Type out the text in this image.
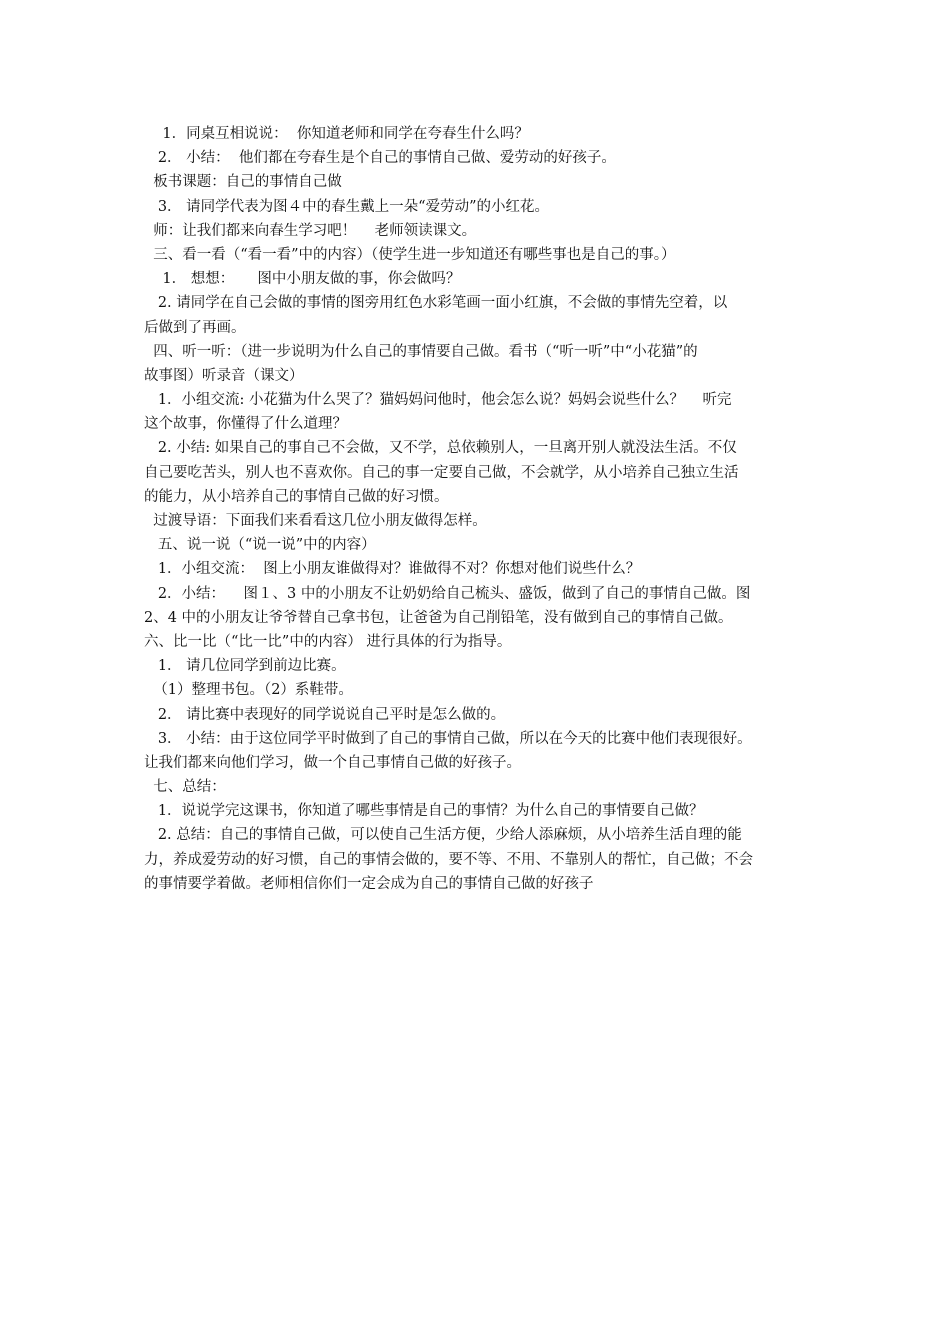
1．同桌互相说说：  你知道老师和同学在夸春生什么吗？
2． 小结：  他们都在夸春生是个自己的事情自己做、爱劳动的好孩子。
板书课题：自己的事情自己做
3． 请同学代表为图４中的春生戴上一朵“爱劳动”的小红花。
师：让我们都来向春生学习吧！    老师领读课文。
三、看一看（“看一看”中的内容）（使学生进一步知道还有哪些事也是自己的事。）
1． 想想：     图中小朋友做的事，你会做吗？
2. 请同学在自己会做的事情的图旁用红色水彩笔画一面小红旗，不会做的事情先空着，以
后做到了再画。
四、听一听：（进一步说明为什么自己的事情要自己做。看书（“听一听”中“小花猫”的
故事图）听录音（课文）
1．小组交流: 小花猫为什么哭了？猫妈妈问他时，他会怎么说？妈妈会说些什么？    听完
这个故事，你懂得了什么道理？
2. 小结: 如果自己的事自己不会做，又不学，总依赖别人，一旦离开别人就没法生活。不仅
自己要吃苦头，别人也不喜欢你。自己的事一定要自己做，不会就学，从小培养自己独立生活
的能力，从小培养自己的事情自己做的好习惯。
过渡导语：下面我们来看看这几位小朋友做得怎样。
五、说一说（“说一说”中的内容）
1．小组交流：  图上小朋友谁做得对？谁做得不对？你想对他们说些什么？
2．小结：    图１、3 中的小朋友不让奶奶给自己梳头、盛饭，做到了自己的事情自己做。图
2、4 中的小朋友让爷爷替自己拿书包，让爸爸为自己削铅笔，没有做到自己的事情自己做。
六、比一比（“比一比”中的内容） 进行具体的行为指导。
1． 请几位同学到前边比赛。
（1）整理书包。（2）系鞋带。
2． 请比赛中表现好的同学说说自己平时是怎么做的。
3． 小结：由于这位同学平时做到了自己的事情自己做，所以在今天的比赛中他们表现很好。
让我们都来向他们学习，做一个自己事情自己做的好孩子。
七、总结：
1．说说学完这课书，你知道了哪些事情是自己的事情？为什么自己的事情要自己做？
2. 总结：自己的事情自己做，可以使自己生活方便，少给人添麻烦，从小培养生活自理的能
力，养成爱劳动的好习惯，自己的事情会做的，要不等、不用、不靠别人的帮忙，自己做；不会
的事情要学着做。老师相信你们一定会成为自己的事情自己做的好孩子
